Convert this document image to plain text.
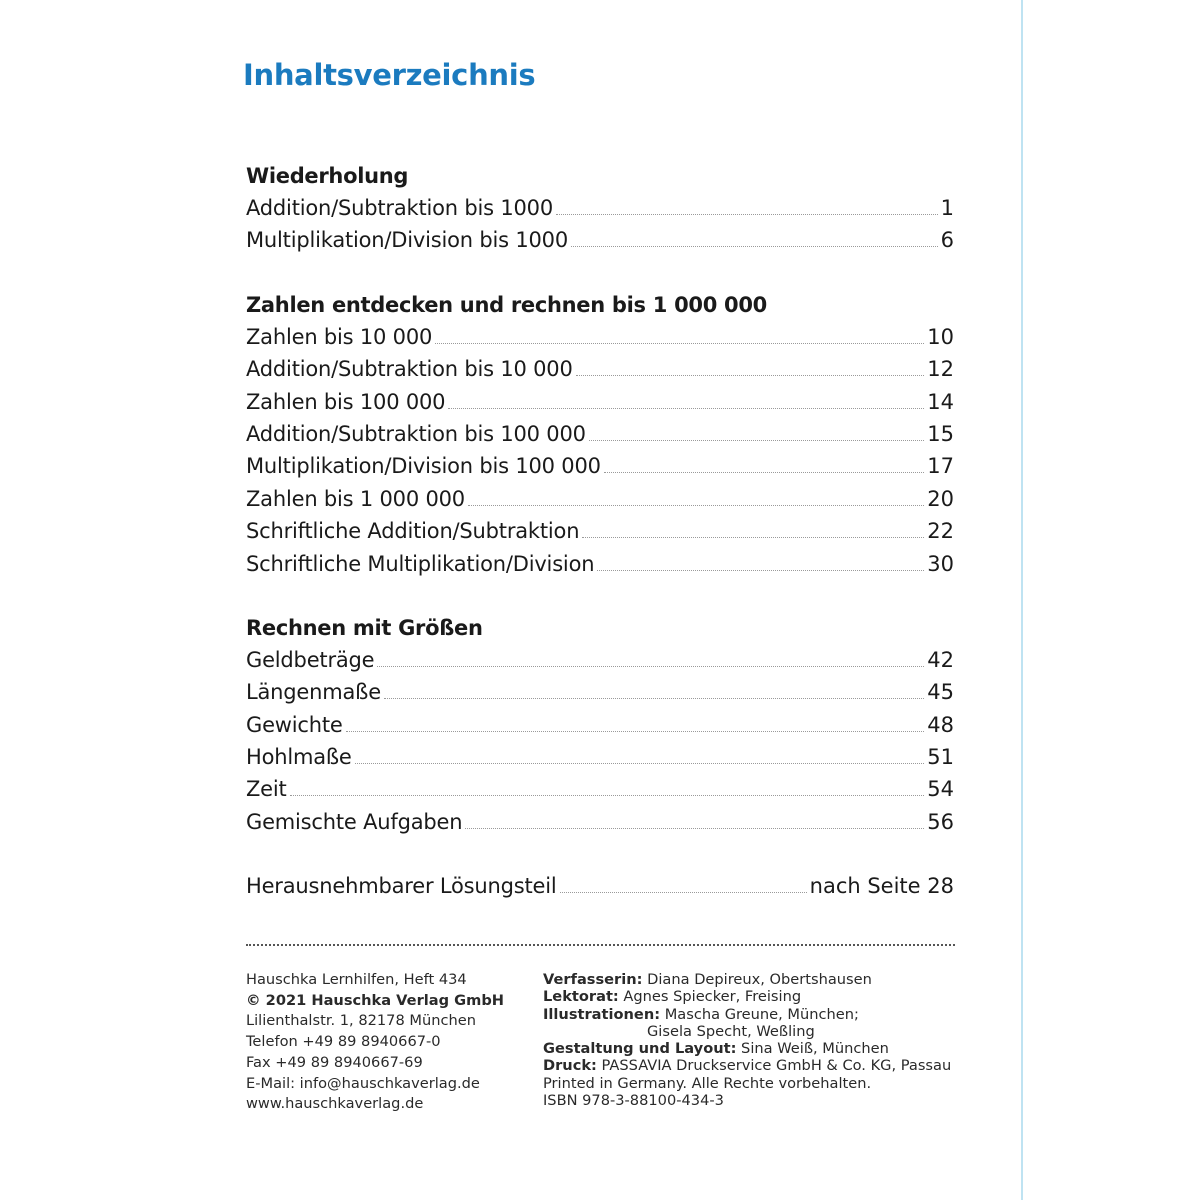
Inhaltsverzeichnis
Wiederholung
Addition/Subtraktion bis 1000	1
Multiplikation/Division bis 1000	6
Zahlen entdecken und rechnen bis 1 000 000
Zahlen bis 10 000	10
Addition/Subtraktion bis 10 000	12
Zahlen bis 100 000	14
Addition/Subtraktion bis 100 000	15
Multiplikation/Division bis 100 000	17
Zahlen bis 1 000 000	20
Schriftliche Addition/Subtraktion	22
Schriftliche Multiplikation/Division	30
Rechnen mit Größen
Geldbeträge	42
Längenmaße	45
Gewichte	48
Hohlmaße	51
Zeit	54
Gemischte Aufgaben	56
Herausnehmbarer Lösungsteil	nach Seite 28
Hauschka Lernhilfen, Heft 434
© 2021 Hauschka Verlag GmbH
Lilienthalstr. 1, 82178 München
Telefon +49 89 8940667-0
Fax +49 89 8940667-69
E-Mail: info@hauschkaverlag.de
www.hauschkaverlag.de
Verfasserin: Diana Depireux, Obertshausen
Lektorat: Agnes Spiecker, Freising
Illustrationen: Mascha Greune, München;
Gisela Specht, Weßling
Gestaltung und Layout: Sina Weiß, München
Druck: PASSAVIA Druckservice GmbH & Co. KG, Passau
Printed in Germany. Alle Rechte vorbehalten.
ISBN 978-3-88100-434-3
